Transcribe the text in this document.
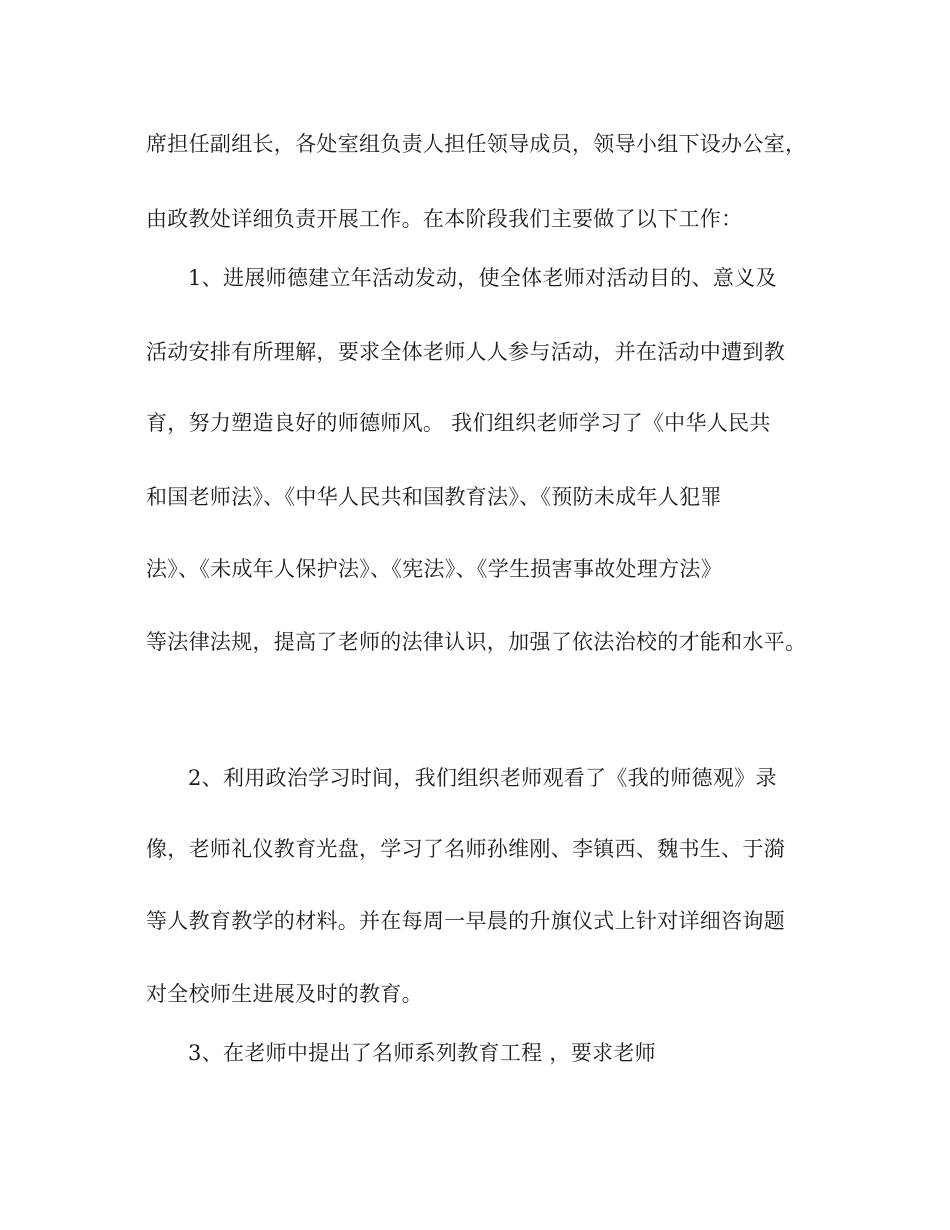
席担任副组长，各处室组负责人担任领导成员，领导小组下设办公室，
由政教处详细负责开展工作。在本阶段我们主要做了以下工作：
1、进展师德建立年活动发动，使全体老师对活动目的、意义及
活动安排有所理解，要求全体老师人人参与活动，并在活动中遭到教
育，努力塑造良好的师德师风。 我们组织老师学习了《中华人民共
和国老师法》、《中华人民共和国教育法》、《预防未成年人犯罪
法》、《未成年人保护法》、《宪法》、《学生损害事故处理方法》
等法律法规，提高了老师的法律认识，加强了依法治校的才能和水平。
2、利用政治学习时间，我们组织老师观看了《我的师德观》录
像，老师礼仪教育光盘，学习了名师孙维刚、李镇西、魏书生、于漪
等人教育教学的材料。并在每周一早晨的升旗仪式上针对详细咨询题
对全校师生进展及时的教育。
3、在老师中提出了名师系列教育工程 ，要求老师
